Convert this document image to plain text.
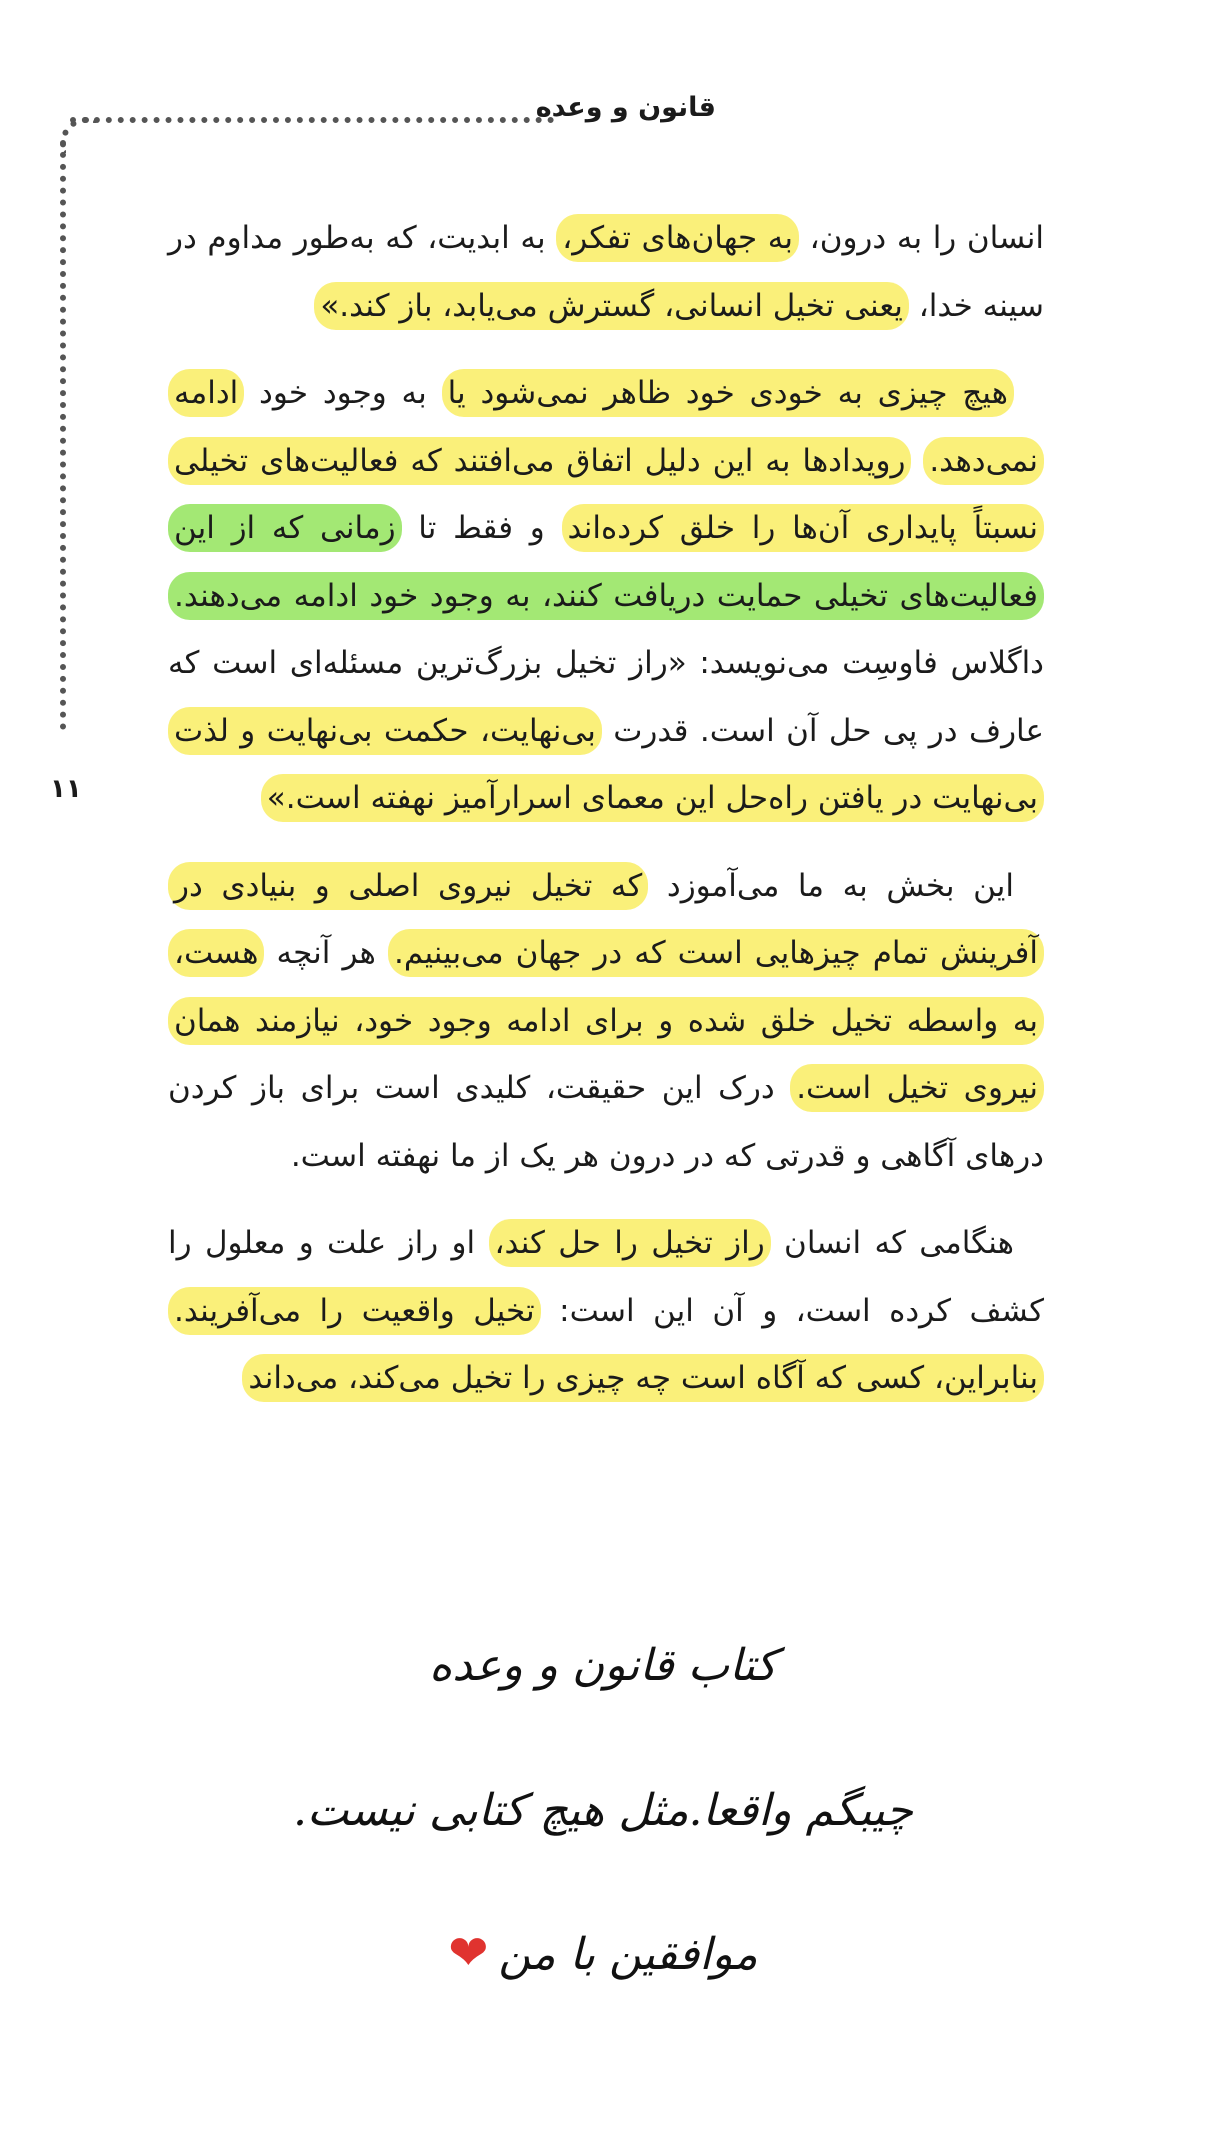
قانون و وعده
۱۱

انسان را به درون، به جهان‌های تفکر، به ابدیت، که به‌طور مداوم در سینه خدا، یعنی تخیل انسانی، گسترش می‌یابد، باز کند.»

هیچ چیزی به خودی خود ظاهر نمی‌شود یا به وجود خود ادامه نمی‌دهد. رویدادها به این دلیل اتفاق می‌افتند که فعالیت‌های تخیلی نسبتاً پایداری آن‌ها را خلق کرده‌اند و فقط تا زمانی که از این فعالیت‌های تخیلی حمایت دریافت کنند، به وجود خود ادامه می‌دهند. داگلاس فاوسِت می‌نویسد: «راز تخیل بزرگ‌ترین مسئله‌ای است که عارف در پی حل آن است. قدرت بی‌نهایت، حکمت بی‌نهایت و لذت بی‌نهایت در یافتن راه‌حل این معمای اسرارآمیز نهفته است.»

این بخش به ما می‌آموزد که تخیل نیروی اصلی و بنیادی در آفرینش تمام چیزهایی است که در جهان می‌بینیم. هر آنچه هست، به واسطه تخیل خلق شده و برای ادامه وجود خود، نیازمند همان نیروی تخیل است. درک این حقیقت، کلیدی است برای باز کردن درهای آگاهی و قدرتی که در درون هر یک از ما نهفته است.

هنگامی که انسان راز تخیل را حل کند، او راز علت و معلول را کشف کرده است، و آن این است: تخیل واقعیت را می‌آفریند. بنابراین، کسی که آگاه است چه چیزی را تخیل می‌کند، می‌داند

کتاب قانون و وعده
چیبگم واقعا.مثل هیچ کتابی نیست.
موافقین با من❤
